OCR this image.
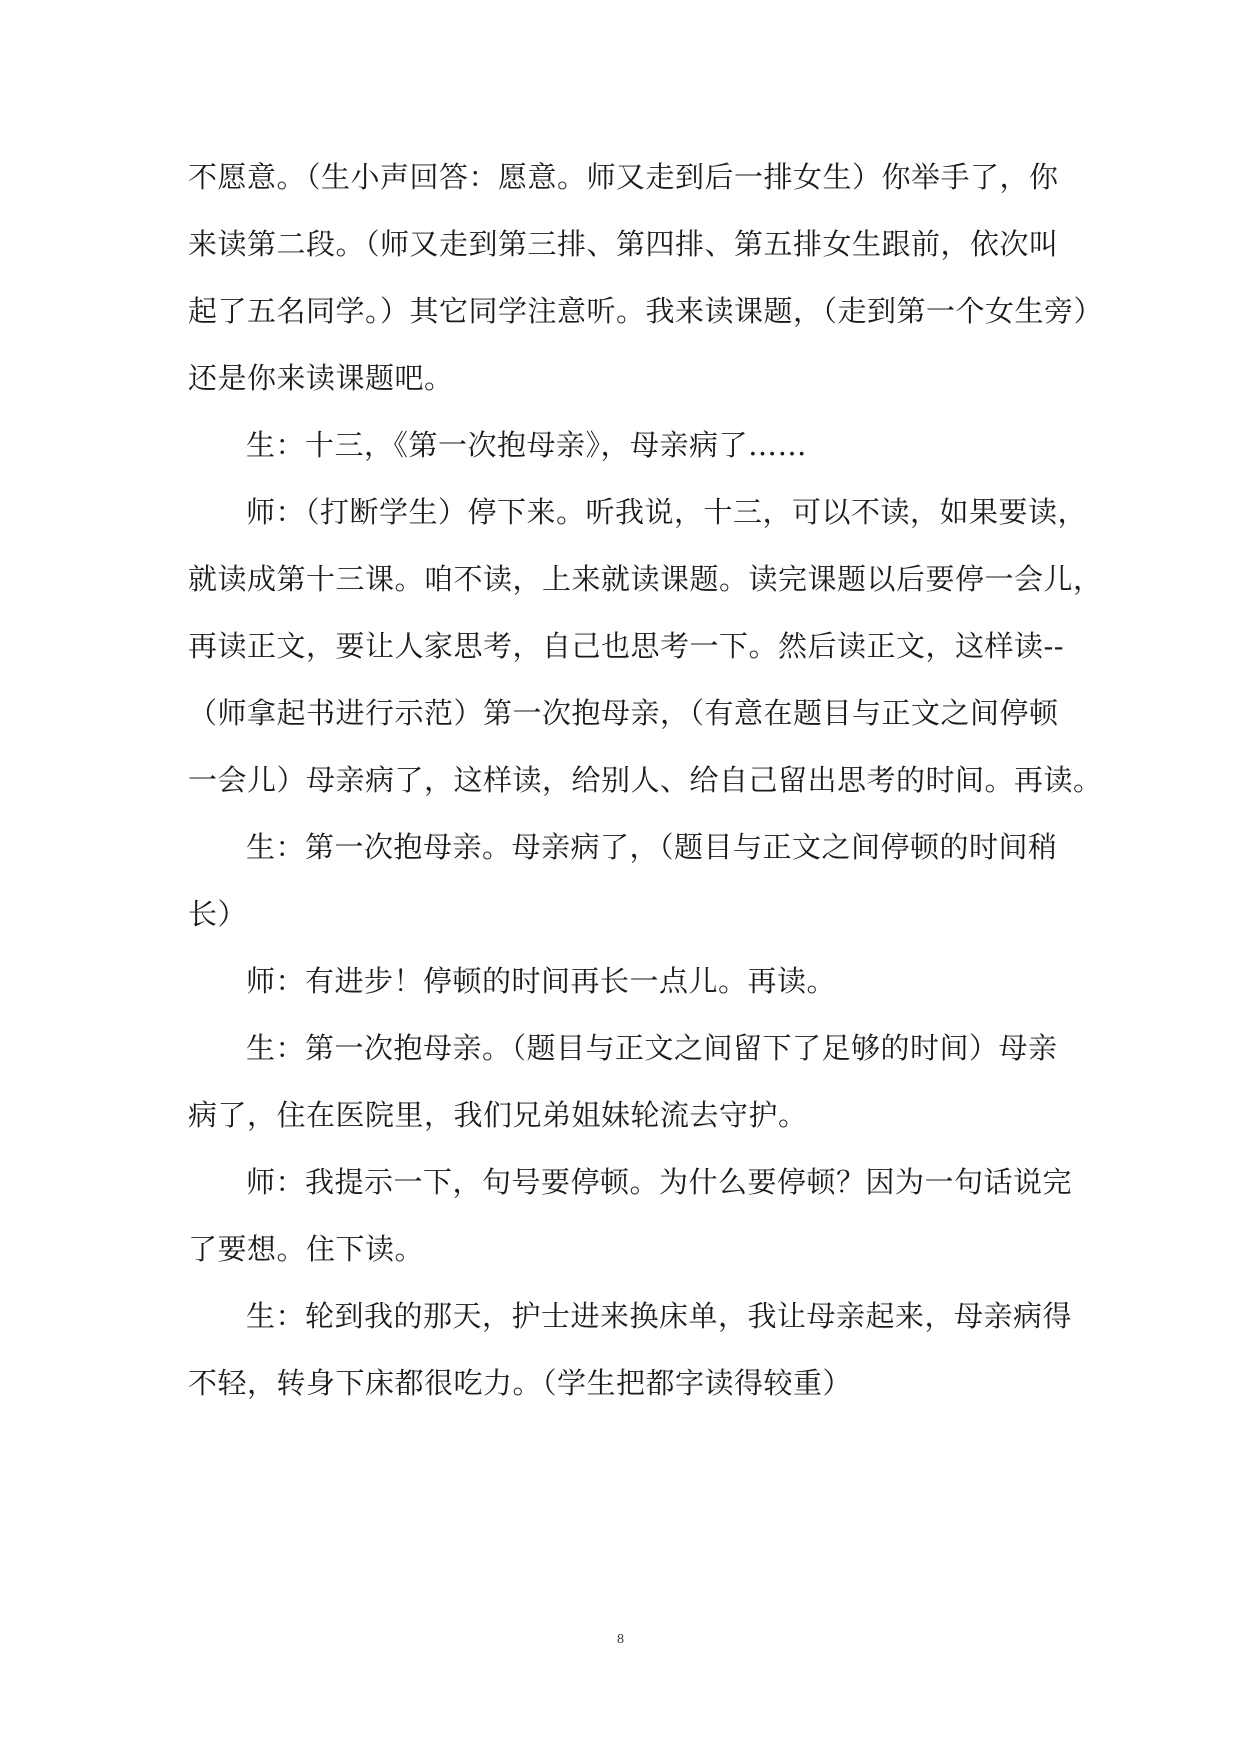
不愿意。（生小声回答：愿意。师又走到后一排女生）你举手了，你
来读第二段。（师又走到第三排、第四排、第五排女生跟前，依次叫
起了五名同学。）其它同学注意听。我来读课题，（走到第一个女生旁）
还是你来读课题吧。
生：十三，《第一次抱母亲》，母亲病了……
师：（打断学生）停下来。听我说，十三，可以不读，如果要读，
就读成第十三课。咱不读，上来就读课题。读完课题以后要停一会儿，
再读正文，要让人家思考，自己也思考一下。然后读正文，这样读--
（师拿起书进行示范）第一次抱母亲，（有意在题目与正文之间停顿
一会儿）母亲病了，这样读，给别人、给自己留出思考的时间。再读。
生：第一次抱母亲。母亲病了，（题目与正文之间停顿的时间稍
长）
师：有进步！停顿的时间再长一点儿。再读。
生：第一次抱母亲。（题目与正文之间留下了足够的时间）母亲
病了，住在医院里，我们兄弟姐妹轮流去守护。
师：我提示一下，句号要停顿。为什么要停顿？因为一句话说完
了要想。住下读。
生：轮到我的那天，护士进来换床单，我让母亲起来，母亲病得
不轻，转身下床都很吃力。（学生把都字读得较重）
8
